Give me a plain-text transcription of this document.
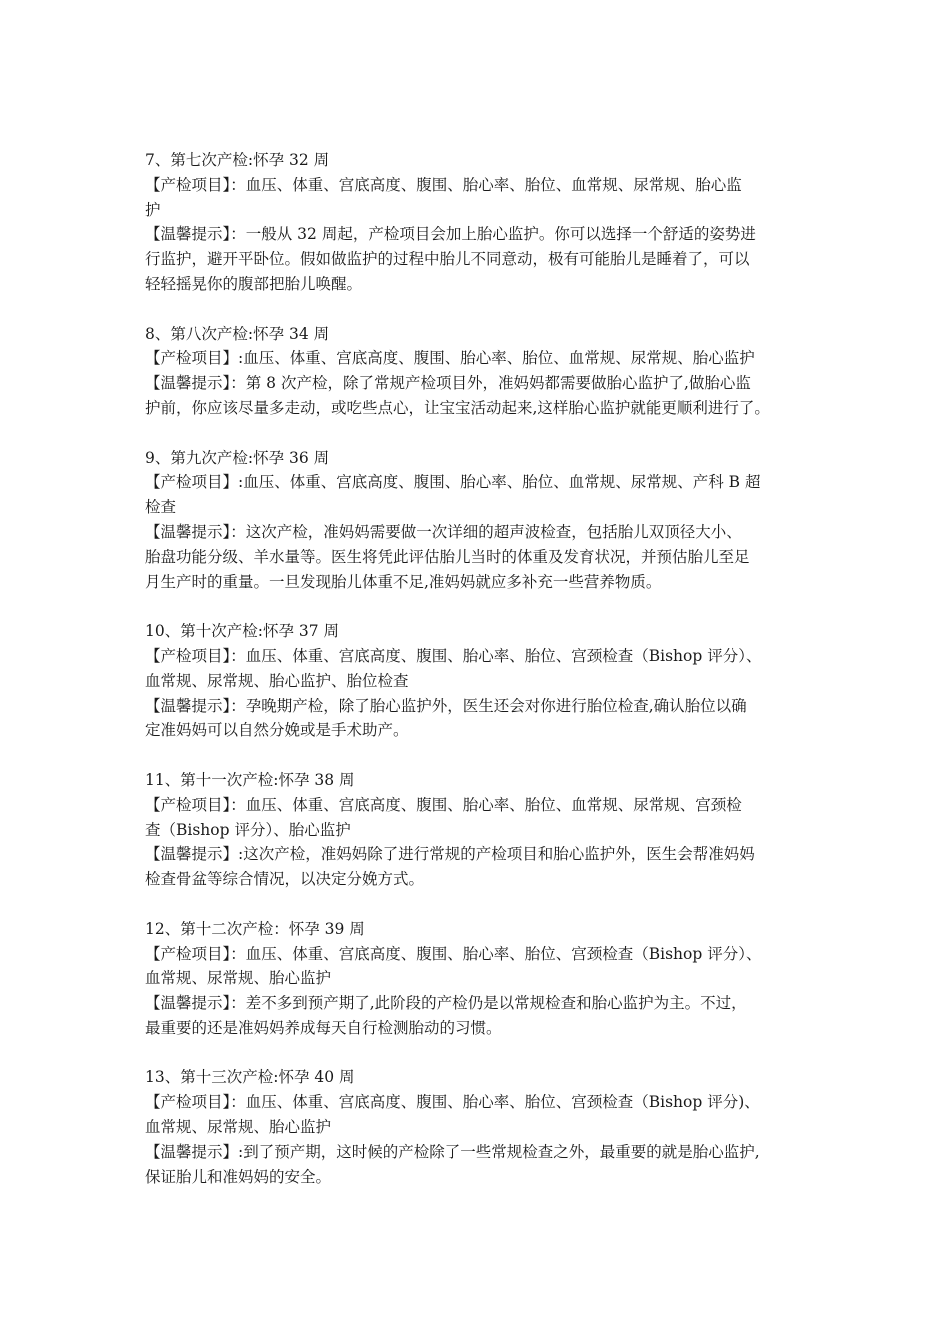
7、第七次产检:怀孕 32 周
【产检项目】：血压、体重、宫底高度、腹围、胎心率、胎位、血常规、尿常规、胎心监
护
【温馨提示】：一般从 32 周起，产检项目会加上胎心监护。你可以选择一个舒适的姿势进
行监护，避开平卧位。假如做监护的过程中胎儿不同意动，极有可能胎儿是睡着了，可以
轻轻摇晃你的腹部把胎儿唤醒。
8、第八次产检:怀孕 34 周
【产检项目】:血压、体重、宫底高度、腹围、胎心率、胎位、血常规、尿常规、胎心监护
【温馨提示】：第 8 次产检，除了常规产检项目外，准妈妈都需要做胎心监护了,做胎心监
护前，你应该尽量多走动，或吃些点心，让宝宝活动起来,这样胎心监护就能更顺利进行了。
9、第九次产检:怀孕 36 周
【产检项目】:血压、体重、宫底高度、腹围、胎心率、胎位、血常规、尿常规、产科 B 超
检查
【温馨提示】：这次产检，准妈妈需要做一次详细的超声波检查，包括胎儿双顶径大小、
胎盘功能分级、羊水量等。医生将凭此评估胎儿当时的体重及发育状况，并预估胎儿至足
月生产时的重量。一旦发现胎儿体重不足,准妈妈就应多补充一些营养物质。
10、第十次产检:怀孕 37 周
【产检项目】：血压、体重、宫底高度、腹围、胎心率、胎位、宫颈检查（Bishop 评分）、
血常规、尿常规、胎心监护、胎位检查
【温馨提示】：孕晚期产检，除了胎心监护外，医生还会对你进行胎位检查,确认胎位以确
定准妈妈可以自然分娩或是手术助产。
11、第十一次产检:怀孕 38 周
【产检项目】：血压、体重、宫底高度、腹围、胎心率、胎位、血常规、尿常规、宫颈检
查（Bishop 评分）、胎心监护
【温馨提示】:这次产检，准妈妈除了进行常规的产检项目和胎心监护外，医生会帮准妈妈
检查骨盆等综合情况，以决定分娩方式。
12、第十二次产检：怀孕 39 周
【产检项目】：血压、体重、宫底高度、腹围、胎心率、胎位、宫颈检查（Bishop 评分）、
血常规、尿常规、胎心监护
【温馨提示】：差不多到预产期了,此阶段的产检仍是以常规检查和胎心监护为主。不过，
最重要的还是准妈妈养成每天自行检测胎动的习惯。
13、第十三次产检:怀孕 40 周
【产检项目】：血压、体重、宫底高度、腹围、胎心率、胎位、宫颈检查（Bishop 评分)、
血常规、尿常规、胎心监护
【温馨提示】:到了预产期，这时候的产检除了一些常规检查之外，最重要的就是胎心监护,
保证胎儿和准妈妈的安全。
